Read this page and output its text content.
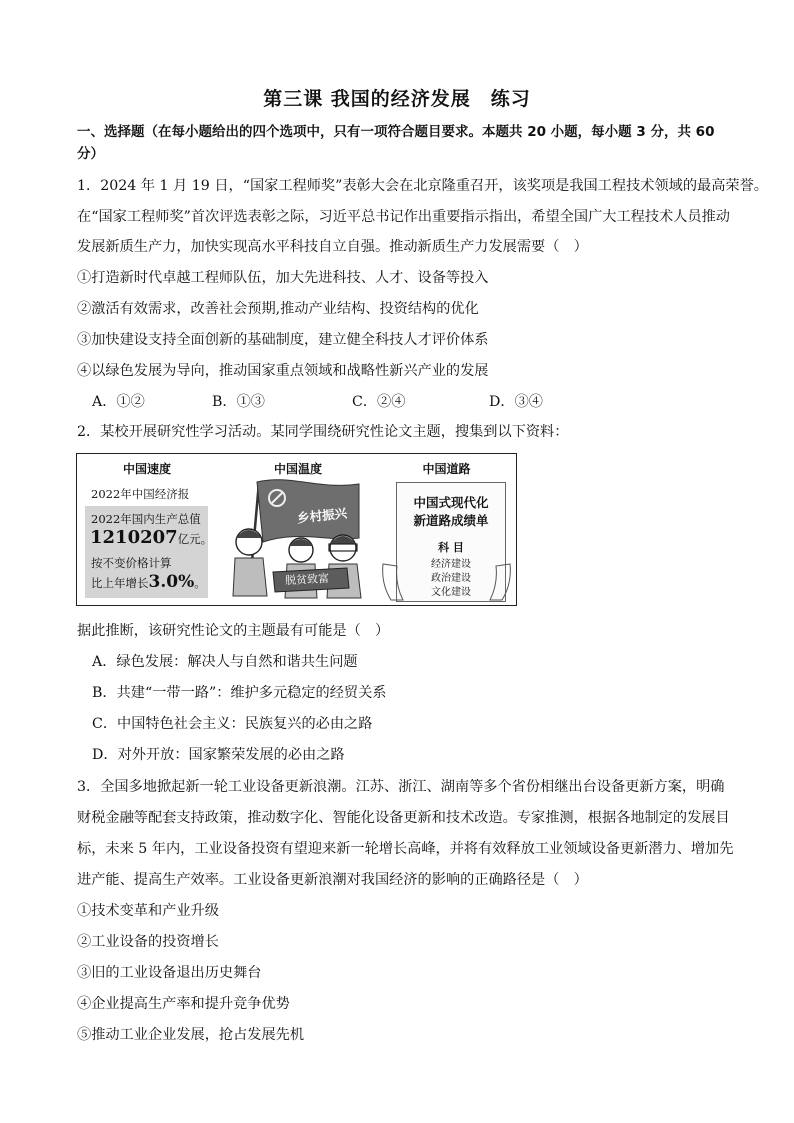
第三课 我国的经济发展　练习
一、选择题（在每小题给出的四个选项中，只有一项符合题目要求。本题共 20 小题，每小题 3 分，共 60
分）
1．2024 年 1 月 19 日，“国家工程师奖”表彰大会在北京隆重召开，该奖项是我国工程技术领域的最高荣誉。
在“国家工程师奖”首次评选表彰之际，习近平总书记作出重要指示指出，希望全国广大工程技术人员推动
发展新质生产力，加快实现高水平科技自立自强。推动新质生产力发展需要（　）
①打造新时代卓越工程师队伍，加大先进科技、人才、设备等投入
②激活有效需求，改善社会预期,推动产业结构、投资结构的优化
③加快建设支持全面创新的基础制度，建立健全科技人才评价体系
④以绿色发展为导向，推动国家重点领域和战略性新兴产业的发展
A．①②	B．①③	C．②④	D．③④
2．某校开展研究性学习活动。某同学围绕研究性论文主题，搜集到以下资料：
中国速度
2022年中国经济报
2022年国内生产总值
1210207亿元。
按不变价格计算
比上年增长3.0%。
中国温度
乡村振兴
脱贫致富
中国道路
中国式现代化
新道路成绩单
科 目
经济建设
政治建设
文化建设
据此推断，该研究性论文的主题最有可能是（　）
A．绿色发展：解决人与自然和谐共生问题
B．共建“一带一路”：维护多元稳定的经贸关系
C．中国特色社会主义：民族复兴的必由之路
D．对外开放：国家繁荣发展的必由之路
3．全国多地掀起新一轮工业设备更新浪潮。江苏、浙江、湖南等多个省份相继出台设备更新方案，明确
财税金融等配套支持政策，推动数字化、智能化设备更新和技术改造。专家推测，根据各地制定的发展目
标，未来 5 年内，工业设备投资有望迎来新一轮增长高峰，并将有效释放工业领域设备更新潜力、增加先
进产能、提高生产效率。工业设备更新浪潮对我国经济的影响的正确路径是（　）
①技术变革和产业升级
②工业设备的投资增长
③旧的工业设备退出历史舞台
④企业提高生产率和提升竞争优势
⑤推动工业企业发展，抢占发展先机
